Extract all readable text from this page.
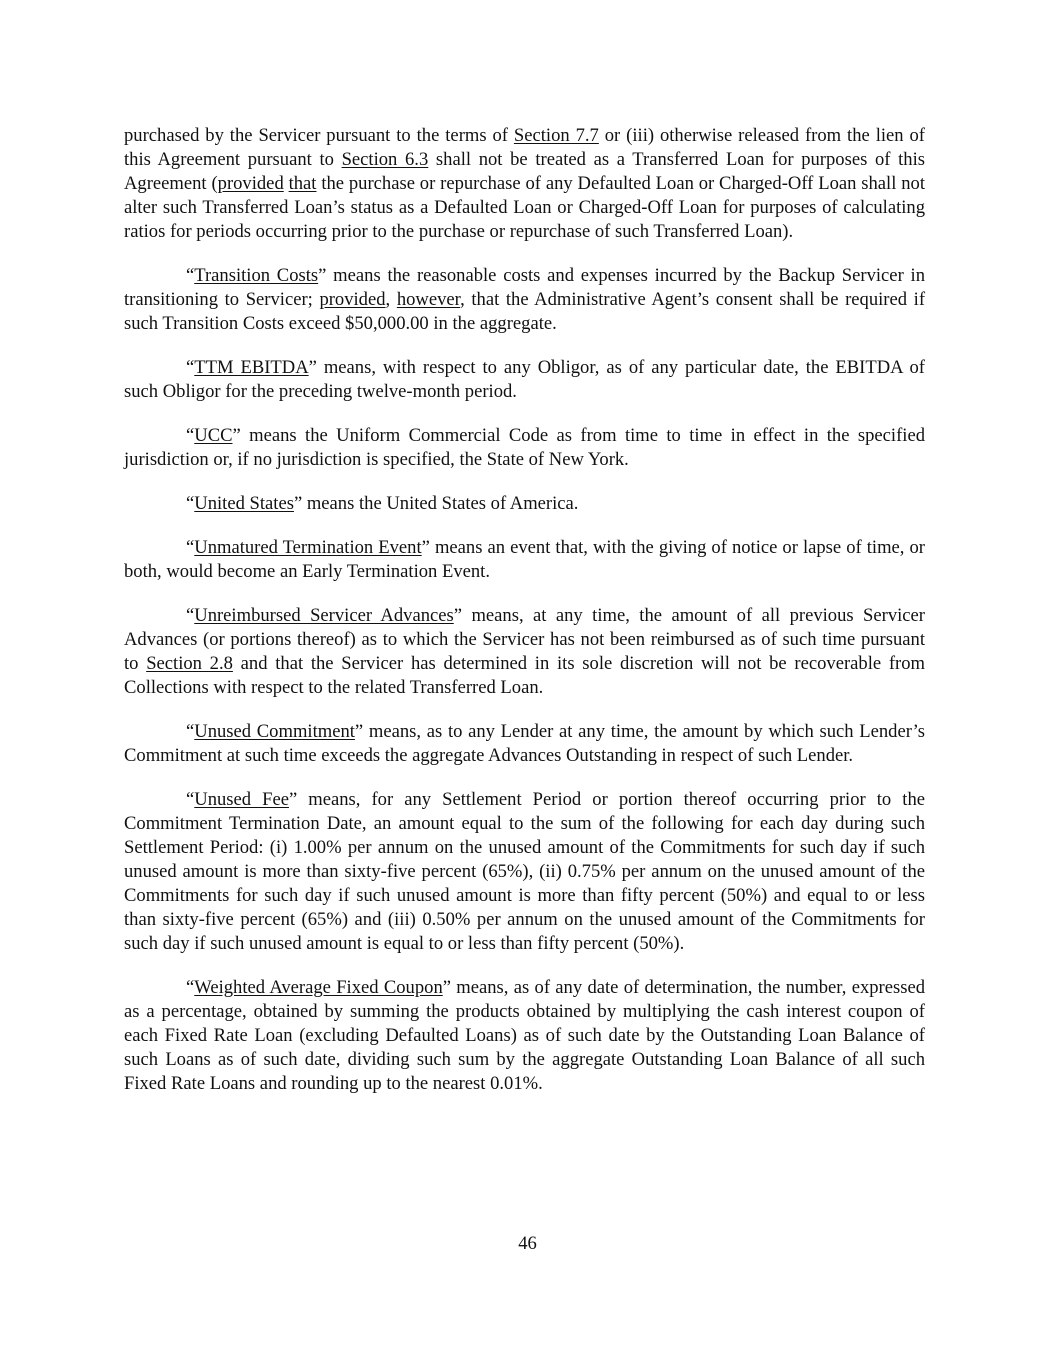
purchased by the Servicer pursuant to the terms of Section 7.7 or (iii) otherwise released from the lien of this Agreement pursuant to Section 6.3 shall not be treated as a Transferred Loan for purposes of this Agreement (provided that the purchase or repurchase of any Defaulted Loan or Charged-Off Loan shall not alter such Transferred Loan’s status as a Defaulted Loan or Charged-Off Loan for purposes of calculating ratios for periods occurring prior to the purchase or repurchase of such Transferred Loan).

“Transition Costs” means the reasonable costs and expenses incurred by the Backup Servicer in transitioning to Servicer; provided, however, that the Administrative Agent’s consent shall be required if such Transition Costs exceed $50,000.00 in the aggregate.

“TTM EBITDA” means, with respect to any Obligor, as of any particular date, the EBITDA of such Obligor for the preceding twelve-month period.

“UCC” means the Uniform Commercial Code as from time to time in effect in the specified jurisdiction or, if no jurisdiction is specified, the State of New York.

“United States” means the United States of America.

“Unmatured Termination Event” means an event that, with the giving of notice or lapse of time, or both, would become an Early Termination Event.

“Unreimbursed Servicer Advances” means, at any time, the amount of all previous Servicer Advances (or portions thereof) as to which the Servicer has not been reimbursed as of such time pursuant to Section 2.8 and that the Servicer has determined in its sole discretion will not be recoverable from Collections with respect to the related Transferred Loan.

“Unused Commitment” means, as to any Lender at any time, the amount by which such Lender’s Commitment at such time exceeds the aggregate Advances Outstanding in respect of such Lender.

“Unused Fee” means, for any Settlement Period or portion thereof occurring prior to the Commitment Termination Date, an amount equal to the sum of the following for each day during such Settlement Period: (i) 1.00% per annum on the unused amount of the Commitments for such day if such unused amount is more than sixty-five percent (65%), (ii) 0.75% per annum on the unused amount of the Commitments for such day if such unused amount is more than fifty percent (50%) and equal to or less than sixty-five percent (65%) and (iii) 0.50% per annum on the unused amount of the Commitments for such day if such unused amount is equal to or less than fifty percent (50%).

“Weighted Average Fixed Coupon” means, as of any date of determination, the number, expressed as a percentage, obtained by summing the products obtained by multiplying the cash interest coupon of each Fixed Rate Loan (excluding Defaulted Loans) as of such date by the Outstanding Loan Balance of such Loans as of such date, dividing such sum by the aggregate Outstanding Loan Balance of all such Fixed Rate Loans and rounding up to the nearest 0.01%.

46
